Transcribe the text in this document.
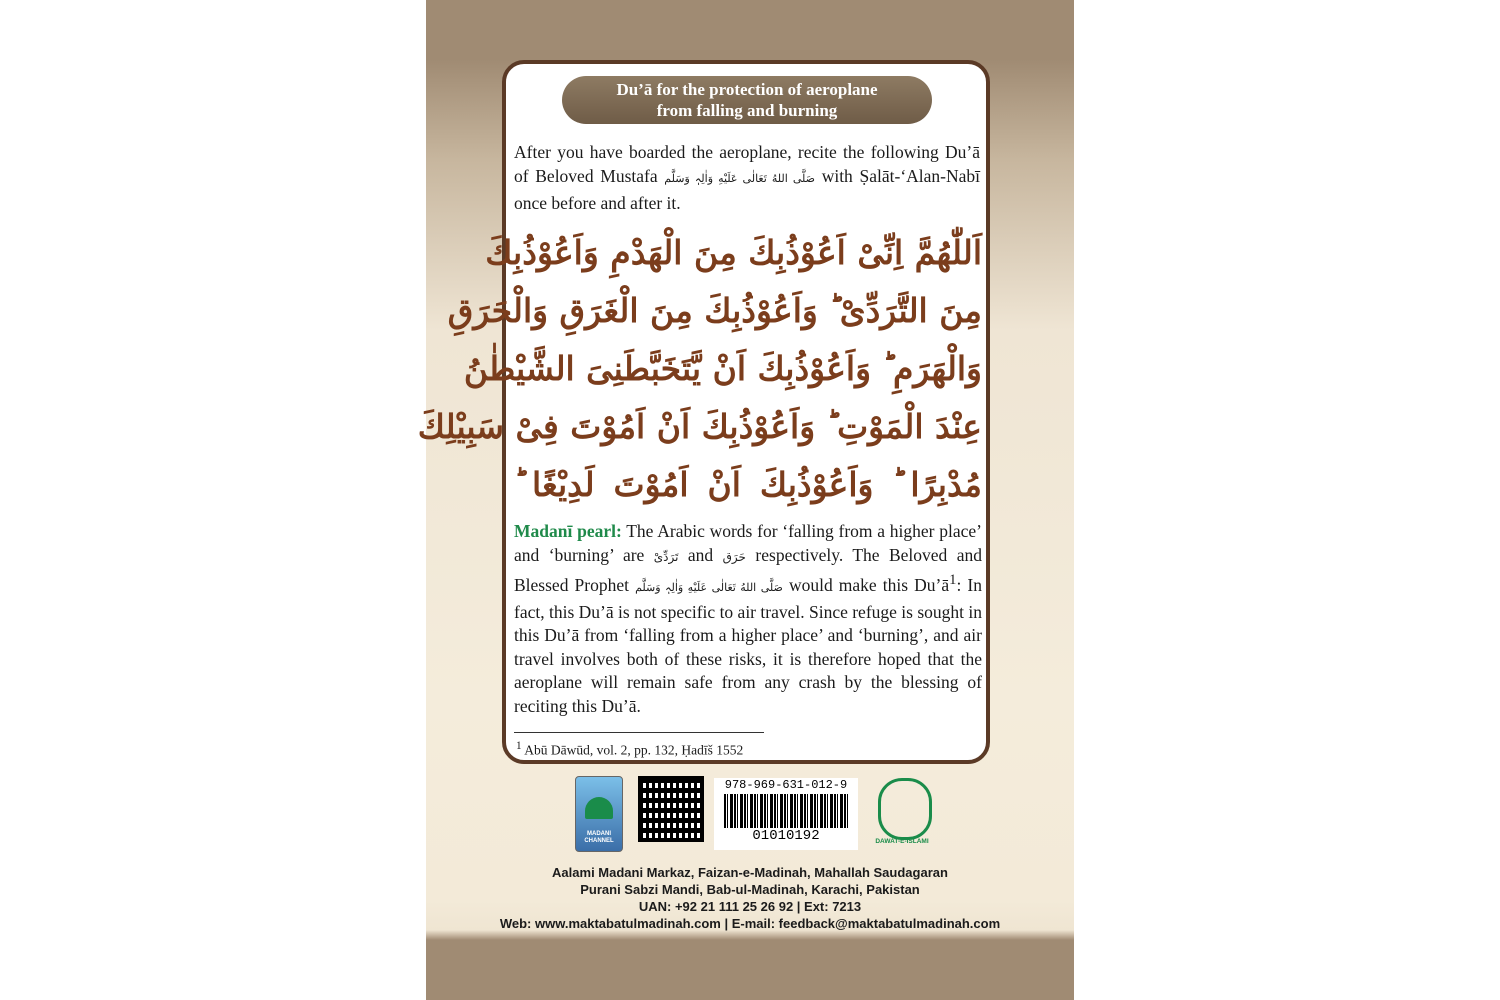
Du’ā for the protection of aeroplane
from falling and burning
After you have boarded the aeroplane, recite the following Du’ā of Beloved Mustafa صَلَّى اللهُ تَعَالٰی عَلَیْهِ وَاٰلِہٖ وَسَلَّم with Ṣalāt-‘Alan-Nabī once before and after it.
اَللّٰهُمَّ اِنِّیْ اَعُوْذُبِكَ مِنَ الْهَدْمِ وَاَعُوْذُبِكَ
مِنَ التَّرَدِّیْ ؕ وَاَعُوْذُبِكَ مِنَ الْغَرَقِ وَالْحَرَقِ
وَالْهَرَمِ ؕ وَاَعُوْذُبِكَ اَنْ یَّتَخَبَّطَنِیَ الشَّیْطٰنُ
عِنْدَ الْمَوْتِ ؕ وَاَعُوْذُبِكَ اَنْ اَمُوْتَ فِیْ سَبِیْلِكَ
مُدْبِرًا ؕ وَاَعُوْذُبِكَ اَنْ اَمُوْتَ لَدِیْغًا ؕ
Madanī pearl: The Arabic words for ‘falling from a higher place’ and ‘burning’ are تَرَدِّیْ and حَرَق respectively. The Beloved and Blessed Prophet صَلَّى اللهُ تَعَالٰی عَلَیْهِ وَاٰلِہٖ وَسَلَّم would make this $Du’ā^1$: In fact, this Du’ā is not specific to air travel. Since refuge is sought in this Du’ā from ‘falling from a higher place’ and ‘burning’, and air travel involves both of these risks, it is therefore hoped that the aeroplane will remain safe from any crash by the blessing of reciting this Du’ā.
$^1$ Abū Dāwūd, vol. 2, pp. 132, Ḥadīš 1552
MADANI
CHANNEL
978-969-631-012-9
01010192	DAWAT-E-ISLAMI
Aalami Madani Markaz, Faizan-e-Madinah, Mahallah Saudagaran
Purani Sabzi Mandi, Bab-ul-Madinah, Karachi, Pakistan
UAN: +92 21 111 25 26 92 | Ext: 7213
Web: www.maktabatulmadinah.com | E-mail: feedback@maktabatulmadinah.com
